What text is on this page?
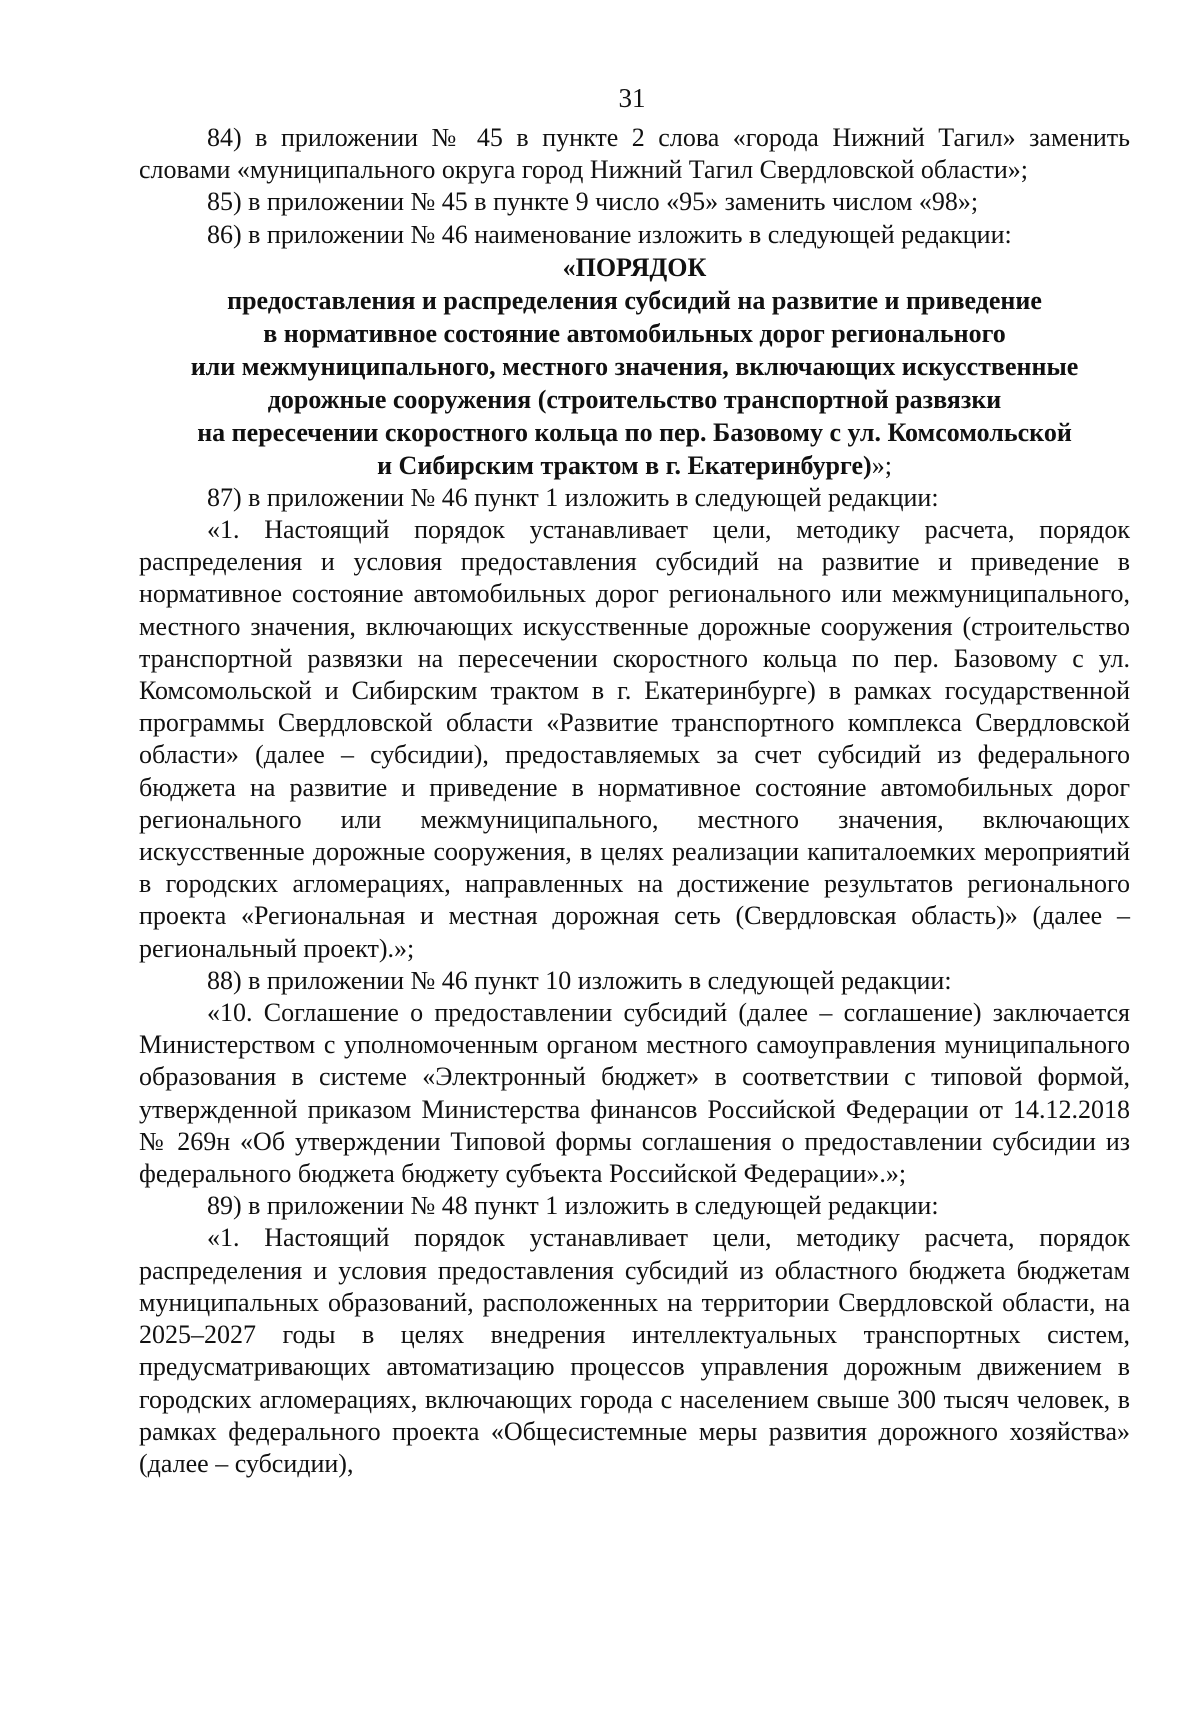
31

84) в приложении № 45 в пункте 2 слова «города Нижний Тагил» заменить словами «муниципального округа город Нижний Тагил Свердловской области»;

85) в приложении № 45 в пункте 9 число «95» заменить числом «98»;

86) в приложении № 46 наименование изложить в следующей редакции:

«ПОРЯДОК
предоставления и распределения субсидий на развитие и приведение
в нормативное состояние автомобильных дорог регионального
или межмуниципального, местного значения, включающих искусственные
дорожные сооружения (строительство транспортной развязки
на пересечении скоростного кольца по пер. Базовому с ул. Комсомольской
и Сибирским трактом в г. Екатеринбурге)»;

87) в приложении № 46 пункт 1 изложить в следующей редакции:

«1. Настоящий порядок устанавливает цели, методику расчета, порядок распределения и условия предоставления субсидий на развитие и приведение в нормативное состояние автомобильных дорог регионального или межмуниципального, местного значения, включающих искусственные дорожные сооружения (строительство транспортной развязки на пересечении скоростного кольца по пер. Базовому с ул. Комсомольской и Сибирским трактом в г. Екатеринбурге) в рамках государственной программы Свердловской области «Развитие транспортного комплекса Свердловской области» (далее – субсидии), предоставляемых за счет субсидий из федерального бюджета на развитие и приведение в нормативное состояние автомобильных дорог регионального или межмуниципального, местного значения, включающих искусственные дорожные сооружения, в целях реализации капиталоемких мероприятий в городских агломерациях, направленных на достижение результатов регионального проекта «Региональная и местная дорожная сеть (Свердловская область)» (далее – региональный проект).»;

88) в приложении № 46 пункт 10 изложить в следующей редакции:

«10. Соглашение о предоставлении субсидий (далее – соглашение) заключается Министерством с уполномоченным органом местного самоуправления муниципального образования в системе «Электронный бюджет» в соответствии с типовой формой, утвержденной приказом Министерства финансов Российской Федерации от 14.12.2018 № 269н «Об утверждении Типовой формы соглашения о предоставлении субсидии из федерального бюджета бюджету субъекта Российской Федерации».»;

89) в приложении № 48 пункт 1 изложить в следующей редакции:

«1. Настоящий порядок устанавливает цели, методику расчета, порядок распределения и условия предоставления субсидий из областного бюджета бюджетам муниципальных образований, расположенных на территории Свердловской области, на 2025–2027 годы в целях внедрения интеллектуальных транспортных систем, предусматривающих автоматизацию процессов управления дорожным движением в городских агломерациях, включающих города с населением свыше 300 тысяч человек, в рамках федерального проекта «Общесистемные меры развития дорожного хозяйства» (далее – субсидии),
